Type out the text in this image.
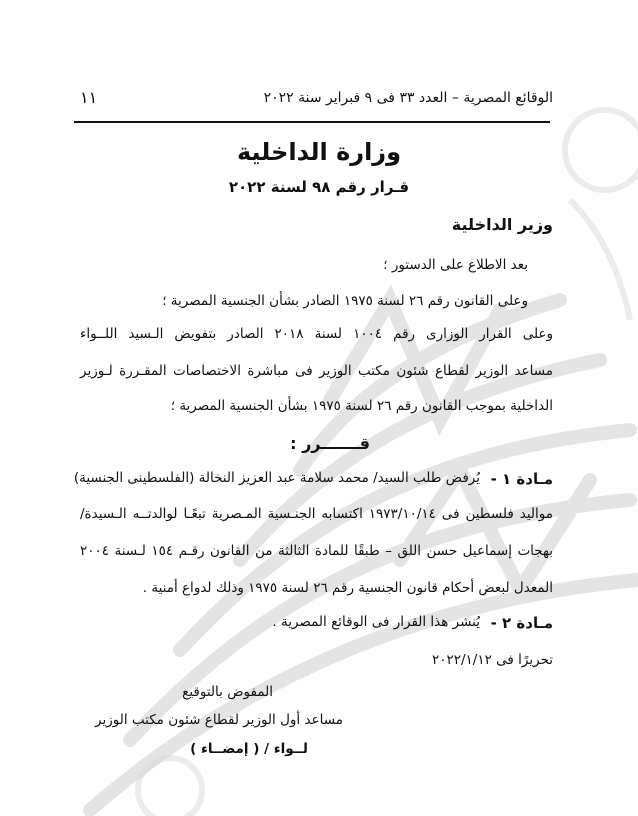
١١	الوقائع المصرية – العدد ٣٣ فى ٩ فبراير سنة ٢٠٢٢
وزارة الداخلية
قـرار رقم ٩٨ لسنة ٢٠٢٢
وزير الداخلية
بعد الاطلاع على الدستور ؛
وعلى القانون رقم ٢٦ لسنة ١٩٧٥ الصادر بشأن الجنسية المصرية ؛
وعلى القرار الوزارى رقم ١٠٠٤ لسنة ٢٠١٨ الصادر بتفويض الـسيد اللــواء
مساعد الوزير لقطاع شئون مكتب الوزير فى مباشرة الاختصاصات المقـررة لـوزير
الداخلية بموجب القانون رقم ٢٦ لسنة ١٩٧٥ بشأن الجنسية المصرية ؛
قـــــــرر :
مـادة ١ -
يُرفض طلب السيد/ محمد سلامة عبد العزيز النخالة (الفلسطينى الجنسية)
مواليد فلسطين فى ١٩٧٣/١٠/١٤ اكتسابه الجنـسية المـصرية تبعًـا لوالدتــه الـسيدة/
بهجات إسماعيل حسن اللق – طبقًا للمادة الثالثة من القانون رقـم ١٥٤ لـسنة ٢٠٠٤
المعدل لبعض أحكام قانون الجنسية رقم ٢٦ لسنة ١٩٧٥ وذلك لدواع أمنية .
مـادة ٢ -
يُنشر هذا القرار فى الوقائع المصرية .
تحريرًا فى ٢٠٢٢/١/١٢
المفوض بالتوقيع
مساعد أول الوزير لقطاع شئون مكتب الوزير
لــواء / ( إمضــاء )
